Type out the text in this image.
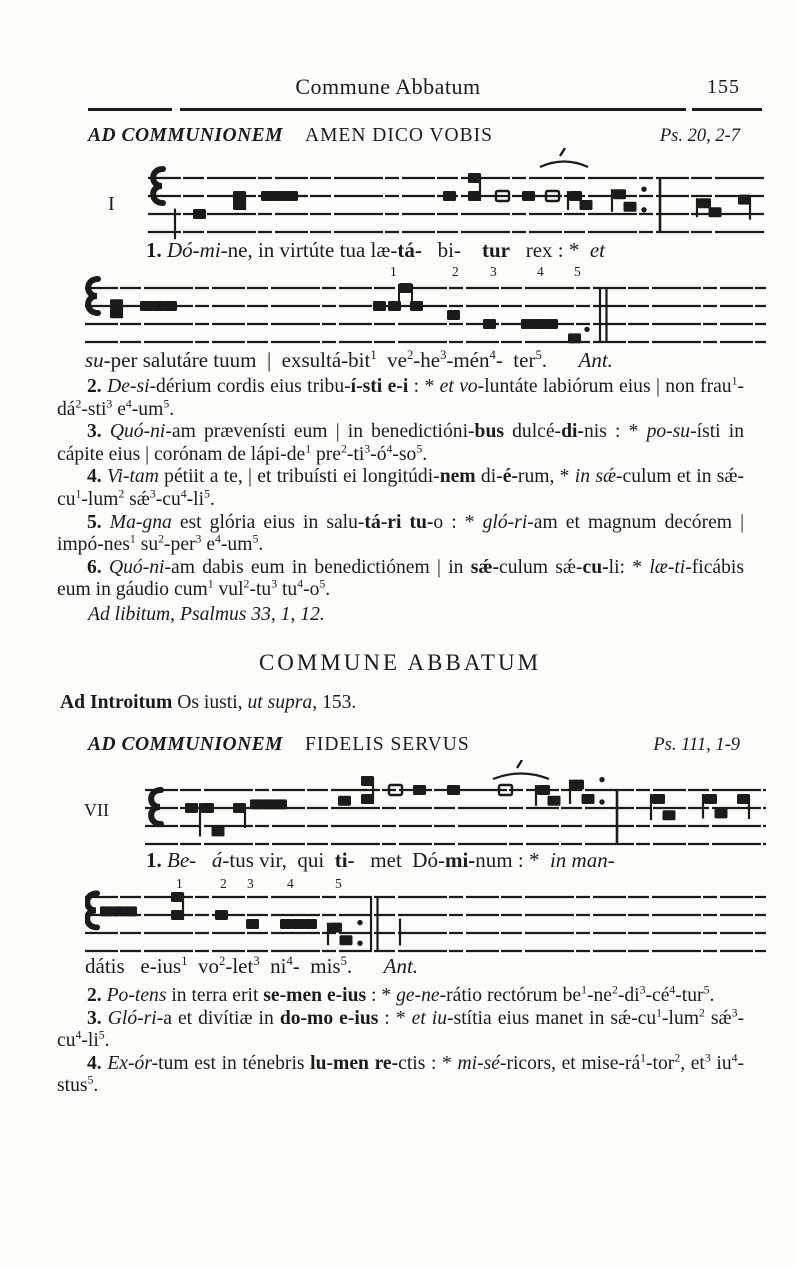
Commune Abbatum	155
AD COMMUNIONEM AMEN DICO VOBIS	Ps. 20, 2-7
I
1. Dó-mi-ne, in virtúte tua læ-tá-   bi-    tur   rex : *  et
1	2 3	4 5
su-per salutáre tuum  |  exsultá-bit$^1$  $ve^2-he^3-mén^4-$  ter$^5$.      Ant.

2. De-si-dérium cordis eius tribu-í-sti e-i : * et vo-luntáte labiórum eius | non $frau^1-dá^2-sti^3$ $e^4-um^5$.

3. Quó-ni-am prævenísti eum | in benedictióni-bus dulcé-di-nis : * po-su-ísti in cápite eius | corónam de lápi-$de^1$ $pre^2-ti^3-ó^4-so^5$.

4. Vi-tam pétiit a te, | et tribuísti ei longitúdi-nem di-é-rum, * in sǽ-culum et in $sǽ-cu^1-lum^2$ $sǽ^3-cu^4-li^5$.

5. Ma-gna est glória eius in salu-tá-ri tu-o : * gló-ri-am et magnum decórem | impó-nes$^1$ $su^2-per^3$ $e^4-um^5$.

6. Quó-ni-am dabis eum in benedictiónem | in sǽ-culum sǽ-cu-li: * læ-ti-ficábis eum in gáudio cum$^1$ $vul^2-tu^3$ $tu^4-o^5$.

Ad libitum, Psalmus 33, 1, 12.
COMMUNE ABBATUM
Ad Introitum Os iusti, ut supra, 153.
AD COMMUNIONEM FIDELIS SERVUS	Ps. 111, 1-9
VII
1. Be-   á-tus vir,  qui  ti-   met  Dó-mi-num : *  in man-
1	2 3 4	5
dátis   e-ius$^1$  $vo^2-let^3$  $ni^4-$  mis$^5$.      Ant.

2. Po-tens in terra erit se-men e-ius : * ge-ne-rátio rectórum $be^1-ne^2-di^3-cé^4-tur^5$.

3. Gló-ri-a et divítiæ in do-mo e-ius : * et iu-stítia eius manet in $sǽ-cu^1-lum^2$ $sǽ^3-cu^4-li^5$.

4. Ex-ór-tum est in ténebris lu-men re-ctis : * mi-sé-ricors, et mise-$rá^1-tor^2$, $et^3$ $iu^4-stus^5$.
